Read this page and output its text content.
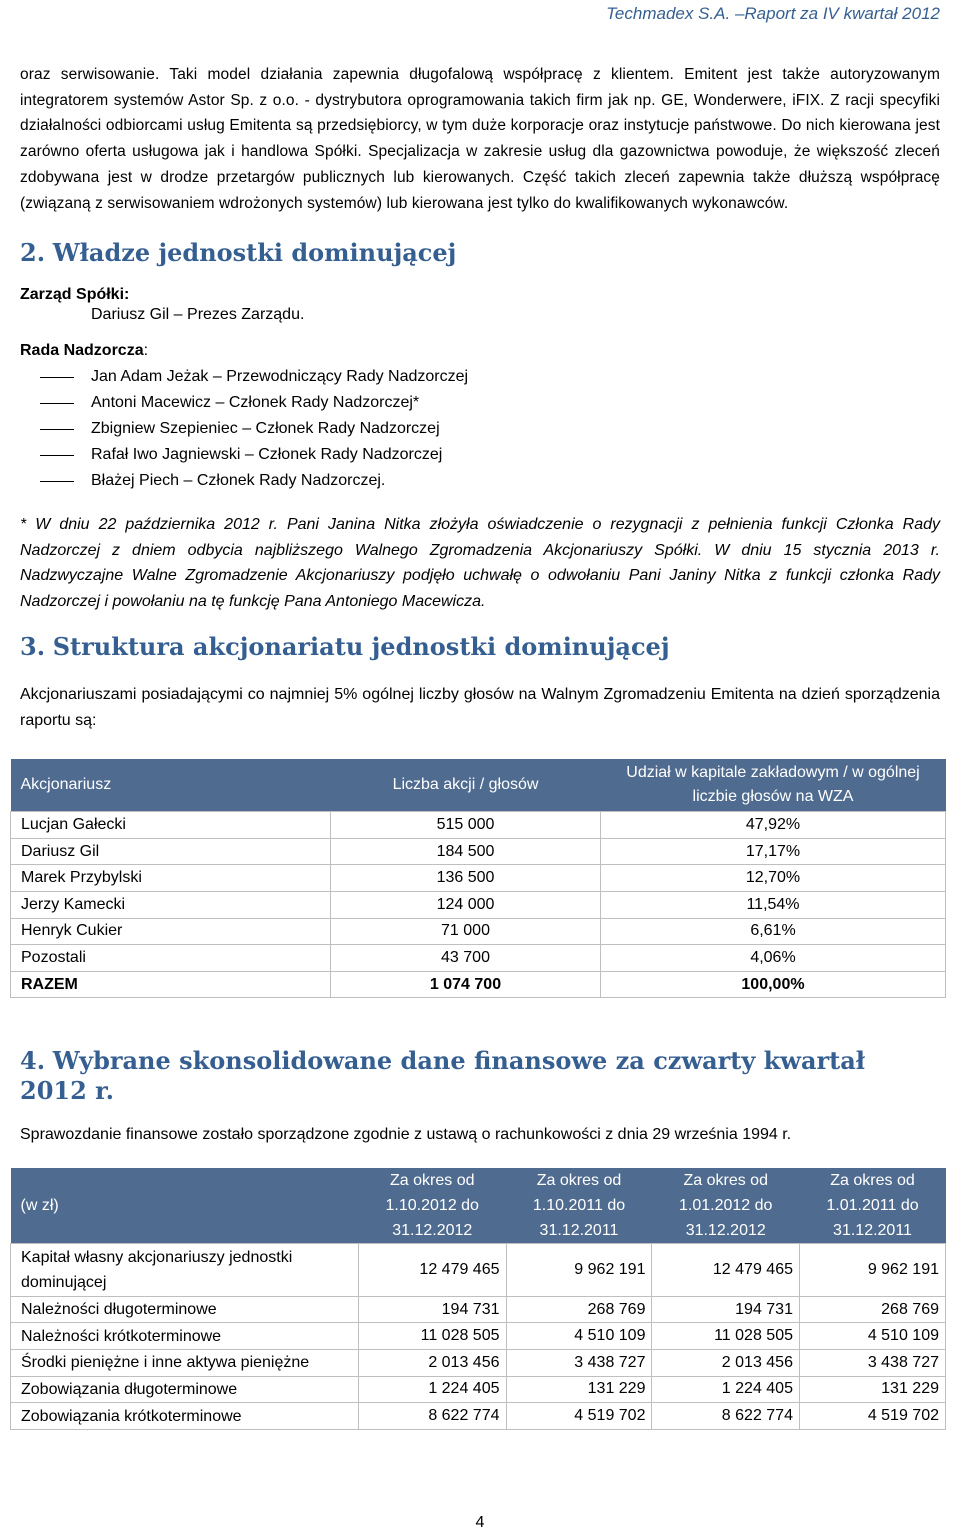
Techmadex S.A. –Raport za IV kwartał 2012

oraz serwisowanie. Taki model działania zapewnia długofalową współpracę z klientem. Emitent jest także autoryzowanym integratorem systemów Astor Sp. z o.o. - dystrybutora oprogramowania takich firm jak np. GE, Wonderwere, iFIX. Z racji specyfiki działalności odbiorcami usług Emitenta są przedsiębiorcy, w tym duże korporacje oraz instytucje państwowe. Do nich kierowana jest zarówno oferta usługowa jak i handlowa Spółki. Specjalizacja w zakresie usług dla gazownictwa powoduje, że większość zleceń zdobywana jest w drodze przetargów publicznych lub kierowanych. Część takich zleceń zapewnia także dłuższą współpracę (związaną z serwisowaniem wdrożonych systemów) lub kierowana jest tylko do kwalifikowanych wykonawców.

2. Władze jednostki dominującej
Zarząd Spółki:
Dariusz Gil – Prezes Zarządu.
Rada Nadzorcza:
Jan Adam Jeżak – Przewodniczący Rady Nadzorczej
Antoni Macewicz – Członek Rady Nadzorczej*
Zbigniew Szepieniec – Członek Rady Nadzorczej
Rafał Iwo Jagniewski – Członek Rady Nadzorczej
Błażej Piech – Członek Rady Nadzorczej.

* W dniu 22 października 2012 r. Pani Janina Nitka złożyła oświadczenie o rezygnacji z pełnienia funkcji Członka Rady Nadzorczej z dniem odbycia najbliższego Walnego Zgromadzenia Akcjonariuszy Spółki. W dniu 15 stycznia 2013 r. Nadzwyczajne Walne Zgromadzenie Akcjonariuszy podjęło uchwałę o odwołaniu Pani Janiny Nitka z funkcji członka Rady Nadzorczej i powołaniu na tę funkcję Pana Antoniego Macewicza.

3. Struktura akcjonariatu jednostki dominującej

Akcjonariuszami posiadającymi co najmniej 5% ogólnej liczby głosów na Walnym Zgromadzeniu Emitenta na dzień sporządzenia raportu są:

Akcjonariusz	Liczba akcji / głosów	Udział w kapitale zakładowym / w ogólnej liczbie głosów na WZA
Lucjan Gałecki	515 000	47,92%
Dariusz Gil	184 500	17,17%
Marek Przybylski	136 500	12,70%
Jerzy Kamecki	124 000	11,54%
Henryk Cukier	71 000	6,61%
Pozostali	43 700	4,06%
RAZEM	1 074 700	100,00%
4. Wybrane skonsolidowane dane finansowe za czwarty kwartał 2012 r.

Sprawozdanie finansowe zostało sporządzone zgodnie z ustawą o rachunkowości z dnia 29 września 1994 r.

(w zł)	Za okres od 1.10.2012 do 31.12.2012	Za okres od 1.10.2011 do 31.12.2011	Za okres od 1.01.2012 do 31.12.2012	Za okres od 1.01.2011 do 31.12.2011
Kapitał własny akcjonariuszy jednostki dominującej	12 479 465	9 962 191	12 479 465	9 962 191
Należności długoterminowe	194 731	268 769	194 731	268 769
Należności krótkoterminowe	11 028 505	4 510 109	11 028 505	4 510 109
Środki pieniężne i inne aktywa pieniężne	2 013 456	3 438 727	2 013 456	3 438 727
Zobowiązania długoterminowe	1 224 405	131 229	1 224 405	131 229
Zobowiązania krótkoterminowe	8 622 774	4 519 702	8 622 774	4 519 702
4
